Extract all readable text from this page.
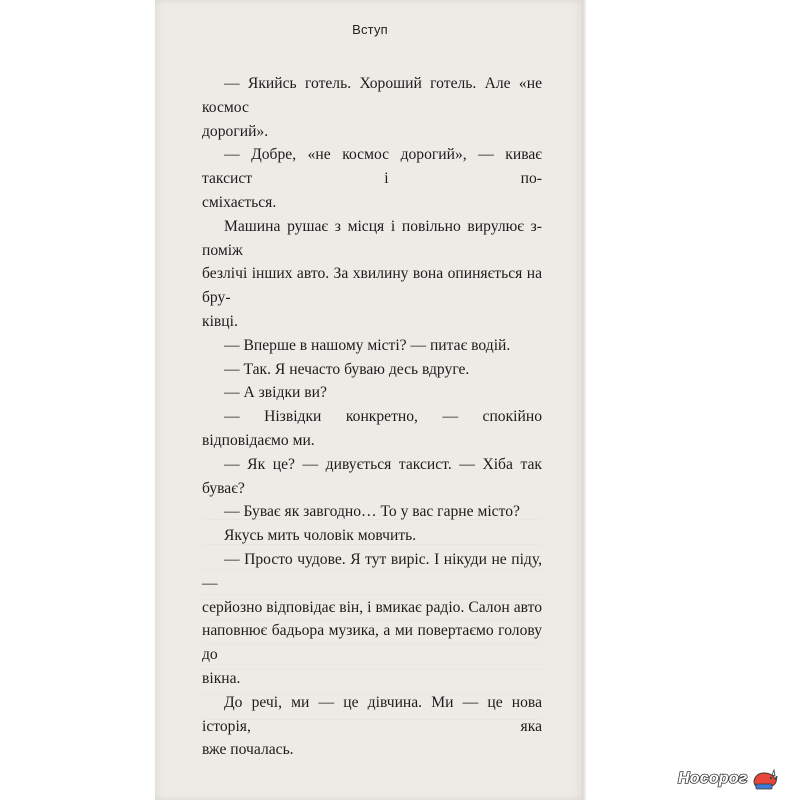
Вступ
— Якийсь готель. Хороший готель. Але «не космос
дорогий».
— Добре, «не космос дорогий», — киває таксист і по-
сміхається.
Машина рушає з місця і повільно вирулює з-поміж
безлічі інших авто. За хвилину вона опиняється на бру-
ківці.
— Вперше в нашому місті? — питає водій.
— Так. Я нечасто буваю десь вдруге.
— А звідки ви?
— Нізвідки конкретно, — спокійно відповідаємо ми.
— Як це? — дивується таксист. — Хіба так буває?
— Буває як завгодно… То у вас гарне місто?
Якусь мить чоловік мовчить.
— Просто чудове. Я тут виріс. І нікуди не піду, —
серйозно відповідає він, і вмикає радіо. Салон авто
наповнює бадьора музика, а ми повертаємо голову до
вікна.
До речі, ми — це дівчина. Ми — це нова історія, яка
вже почалась.
Носорог
